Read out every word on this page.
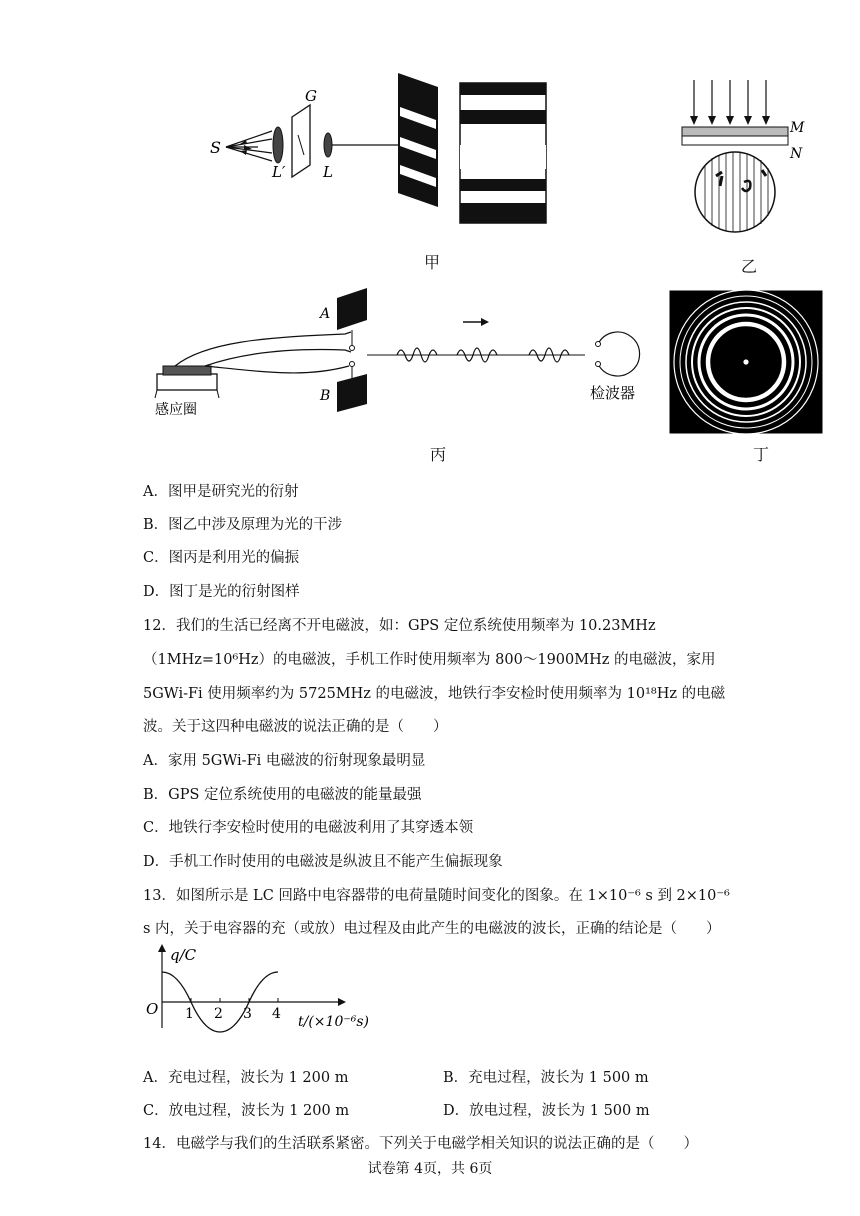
S
G
L′	L
甲
M
N
乙
感应圈
A
B	检波器
丙	丁
A．图甲是研究光的衍射
B．图乙中涉及原理为光的干涉
C．图丙是利用光的偏振
D．图丁是光的衍射图样
12．我们的生活已经离不开电磁波，如：GPS 定位系统使用频率为 10.23MHz
（1MHz=10⁶Hz）的电磁波，手机工作时使用频率为 800～1900MHz 的电磁波，家用
5GWi-Fi 使用频率约为 5725MHz 的电磁波，地铁行李安检时使用频率为 10¹⁸Hz 的电磁
波。关于这四种电磁波的说法正确的是（　　）
A．家用 5GWi-Fi 电磁波的衍射现象最明显
B．GPS 定位系统使用的电磁波的能量最强
C．地铁行李安检时使用的电磁波利用了其穿透本领
D．手机工作时使用的电磁波是纵波且不能产生偏振现象
13．如图所示是 LC 回路中电容器带的电荷量随时间变化的图象。在 1×10⁻⁶ s 到 2×10⁻⁶
s 内，关于电容器的充（或放）电过程及由此产生的电磁波的波长，正确的结论是（　　）
q/C
O
t/(×10⁻⁶s)
1 2 3 4
A．充电过程，波长为 1 200 m	B．充电过程，波长为 1 500 m
C．放电过程，波长为 1 200 m	D．放电过程，波长为 1 500 m
14．电磁学与我们的生活联系紧密。下列关于电磁学相关知识的说法正确的是（　　）
试卷第 4页，共 6页
